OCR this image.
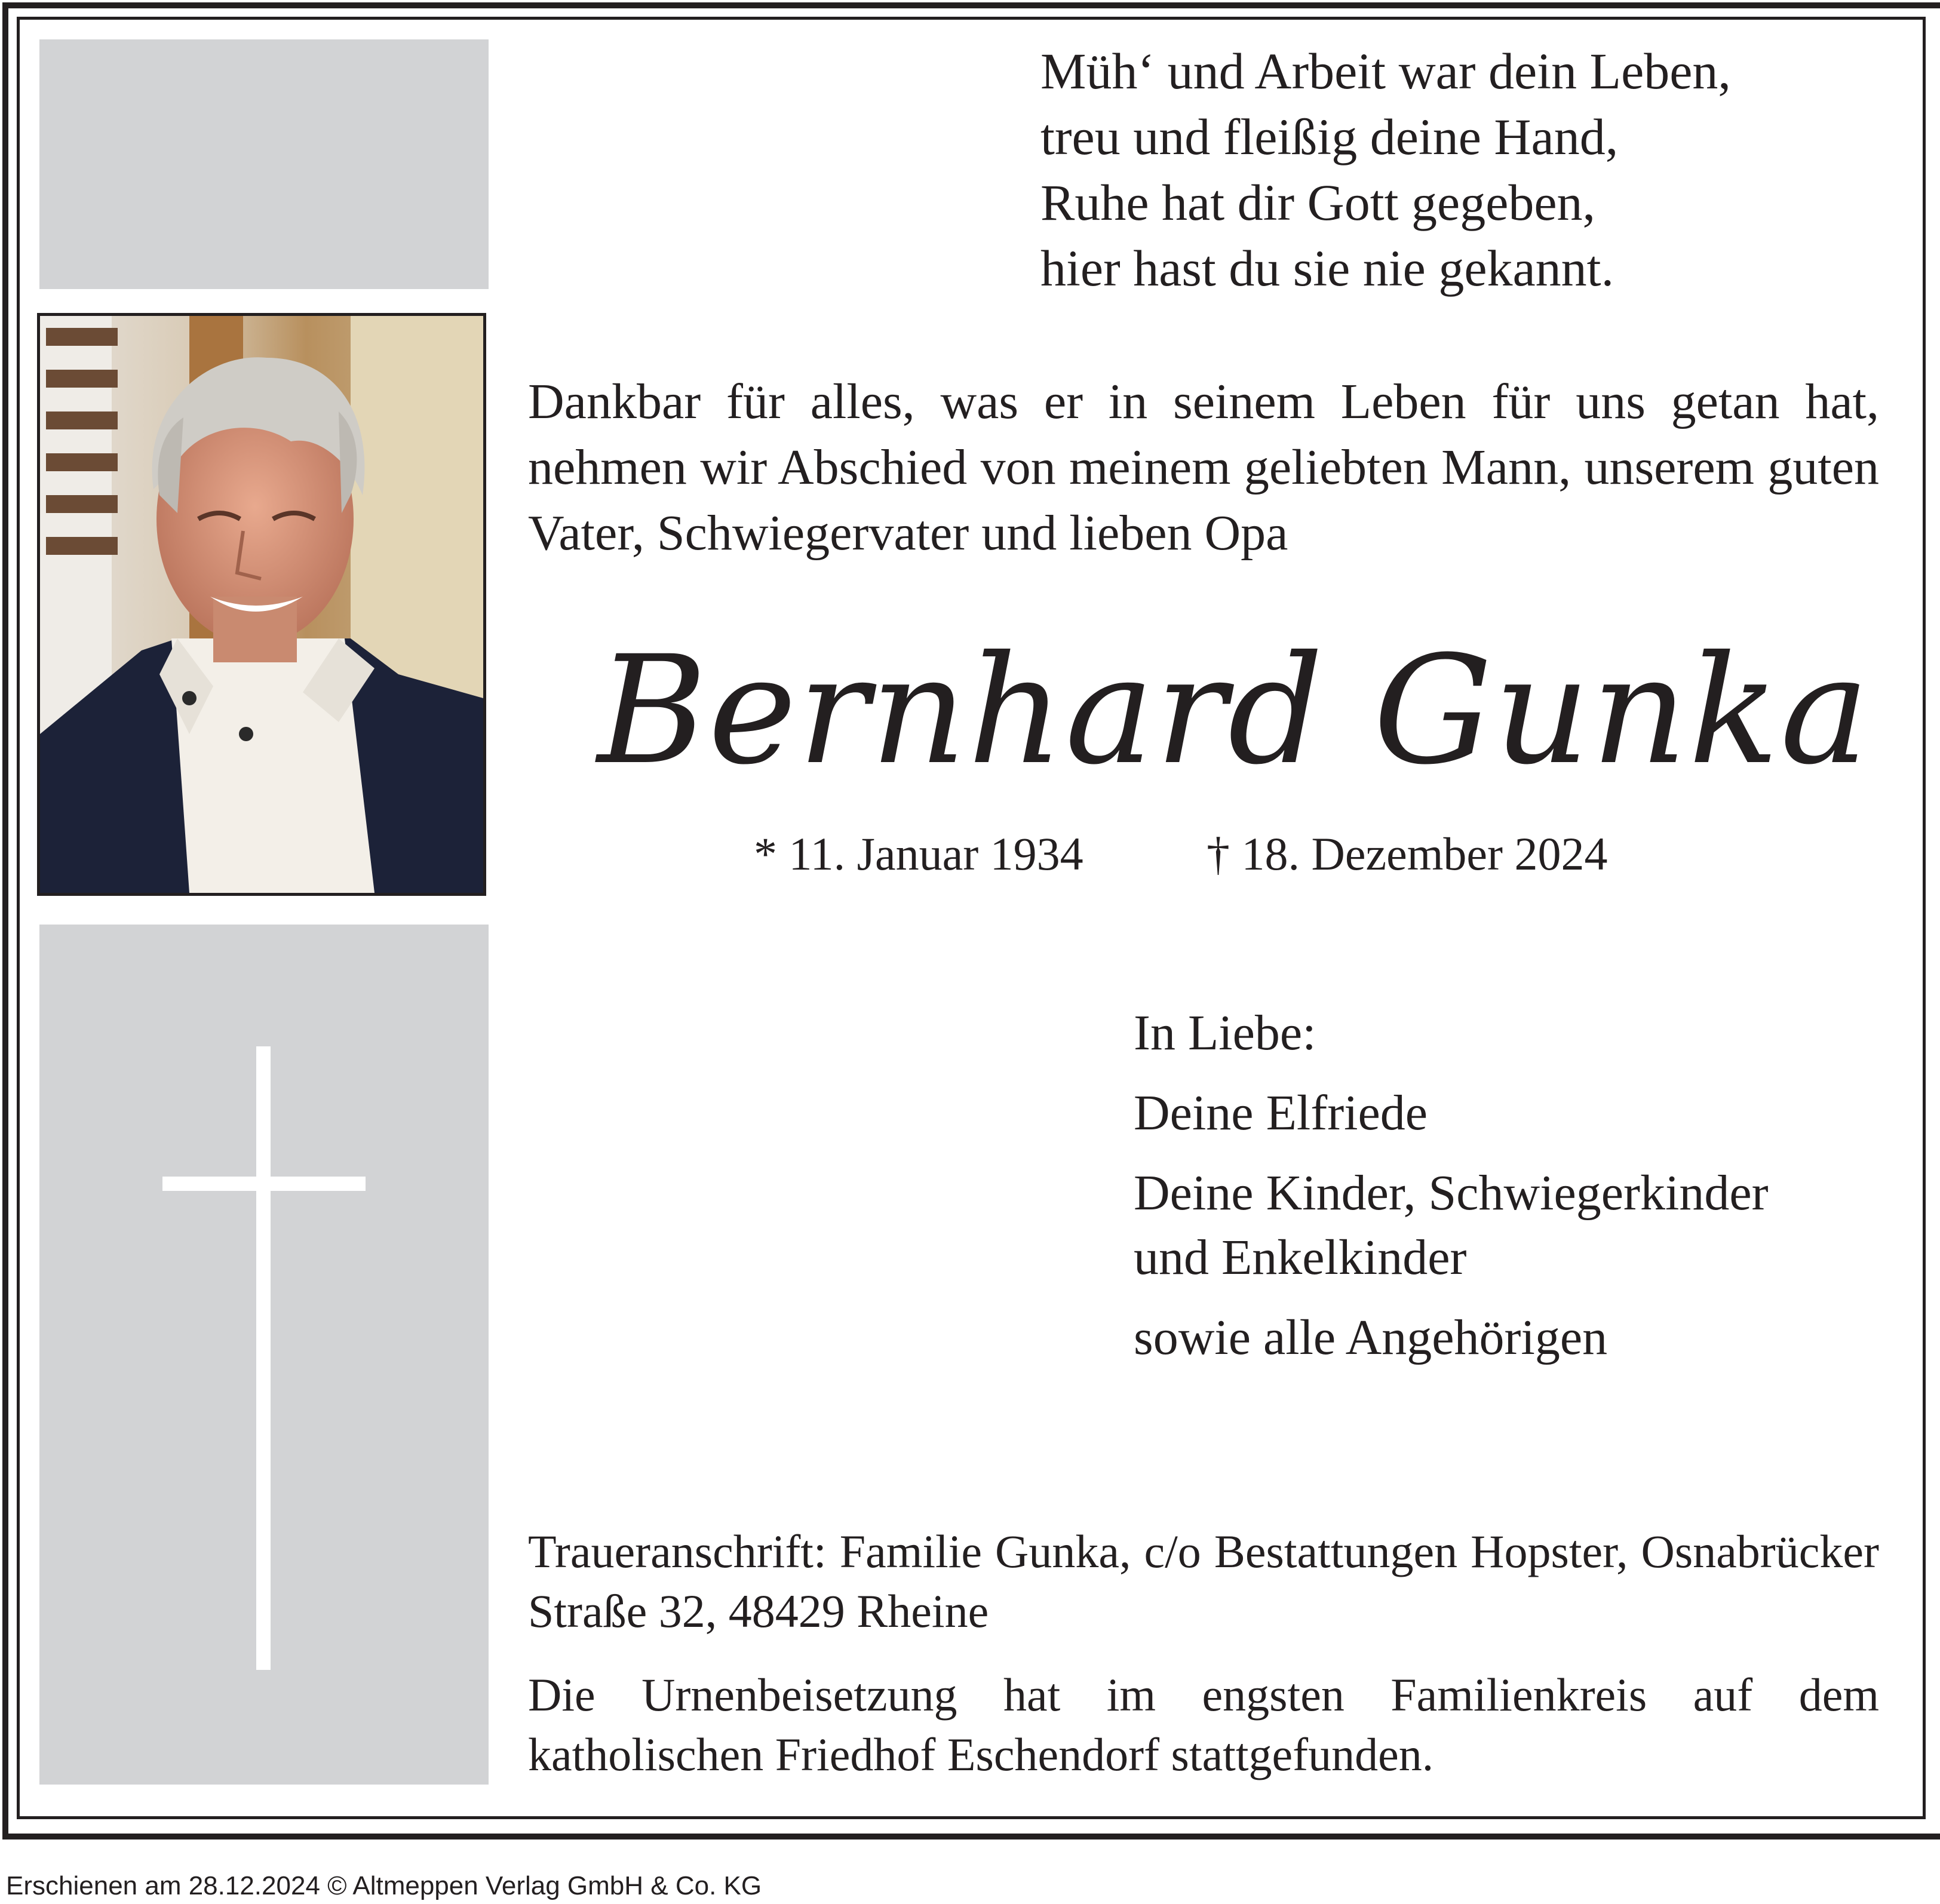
Müh‘ und Arbeit war dein Leben,
treu und fleißig deine Hand,
Ruhe hat dir Gott gegeben,
hier hast du sie nie gekannt.
Dankbar für alles, was er in seinem Leben für uns getan hat, nehmen wir Abschied von meinem geliebten Mann, unserem guten Vater, Schwiegervater und lieben Opa
Bernhard Gunka
* 11. Januar 1934	† 18. Dezember 2024
In Liebe:
Deine Elfriede
Deine Kinder, Schwiegerkinder
und Enkelkinder
sowie alle Angehörigen
Traueranschrift: Familie Gunka, c/o Bestattungen Hopster, Osnabrücker Straße 32, 48429 Rheine
Die Urnenbeisetzung hat im engsten Familienkreis auf dem katholischen Friedhof Eschendorf stattgefunden.
Erschienen am 28.12.2024 © Altmeppen Verlag GmbH & Co. KG
